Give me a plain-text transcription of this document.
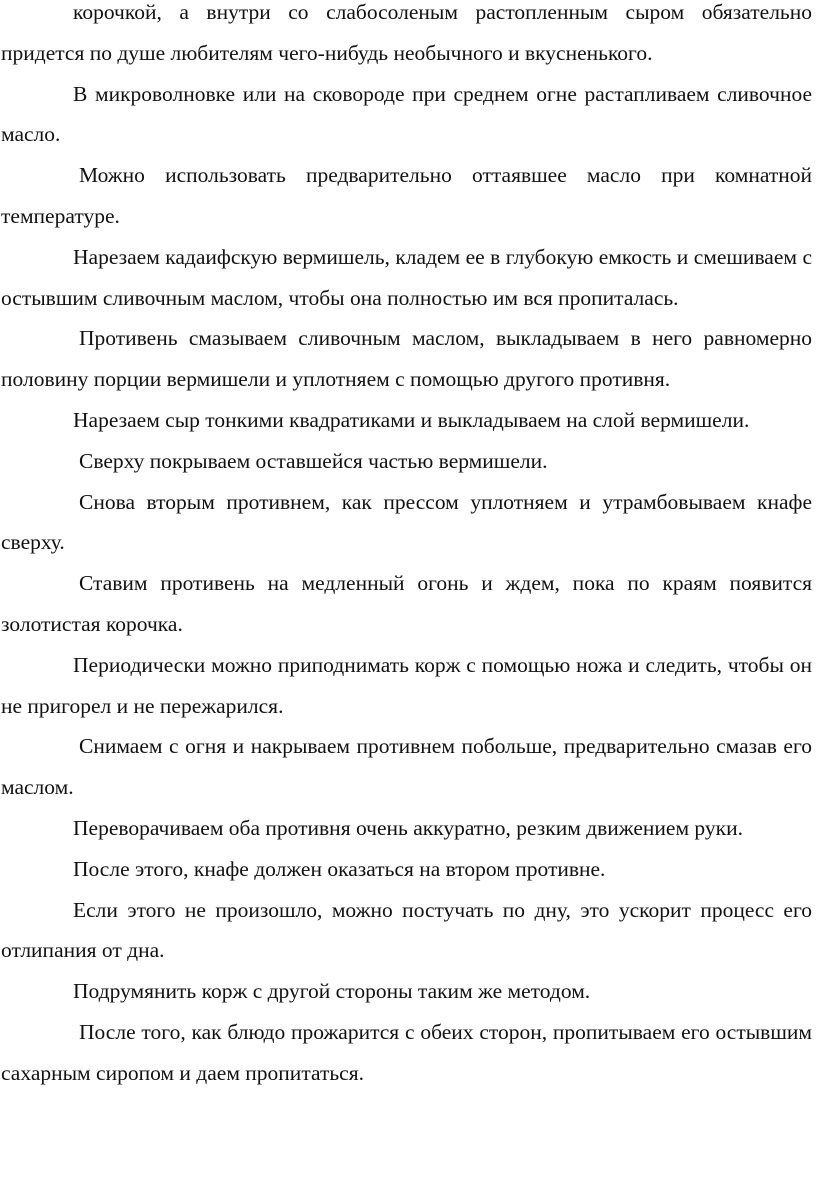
корочкой, а внутри со слабосоленым растопленным сыром обязательно придется по душе любителям чего-нибудь необычного и вкусненького.

В микроволновке или на сковороде при среднем огне растапливаем сливочное масло.

Можно использовать предварительно оттаявшее масло при комнатной температуре.

Нарезаем кадаифскую вермишель, кладем ее в глубокую емкость и смешиваем с остывшим сливочным маслом, чтобы она полностью им вся пропиталась.

Противень смазываем сливочным маслом, выкладываем в него равномерно половину порции вермишели и уплотняем с помощью другого противня.

Нарезаем сыр тонкими квадратиками и выкладываем на слой вермишели.

Сверху покрываем оставшейся частью вермишели.

Снова вторым противнем, как прессом уплотняем и утрамбовываем кнафе сверху.

Ставим противень на медленный огонь и ждем, пока по краям появится золотистая корочка.

Периодически можно приподнимать корж с помощью ножа и следить, чтобы он не пригорел и не пережарился.

Снимаем с огня и накрываем противнем побольше, предварительно смазав его маслом.

Переворачиваем оба противня очень аккуратно, резким движением руки.

После этого, кнафе должен оказаться на втором противне.

Если этого не произошло, можно постучать по дну, это ускорит процесс его отлипания от дна.

Подрумянить корж с другой стороны таким же методом.

После того, как блюдо прожарится с обеих сторон, пропитываем его остывшим сахарным сиропом и даем пропитаться.
